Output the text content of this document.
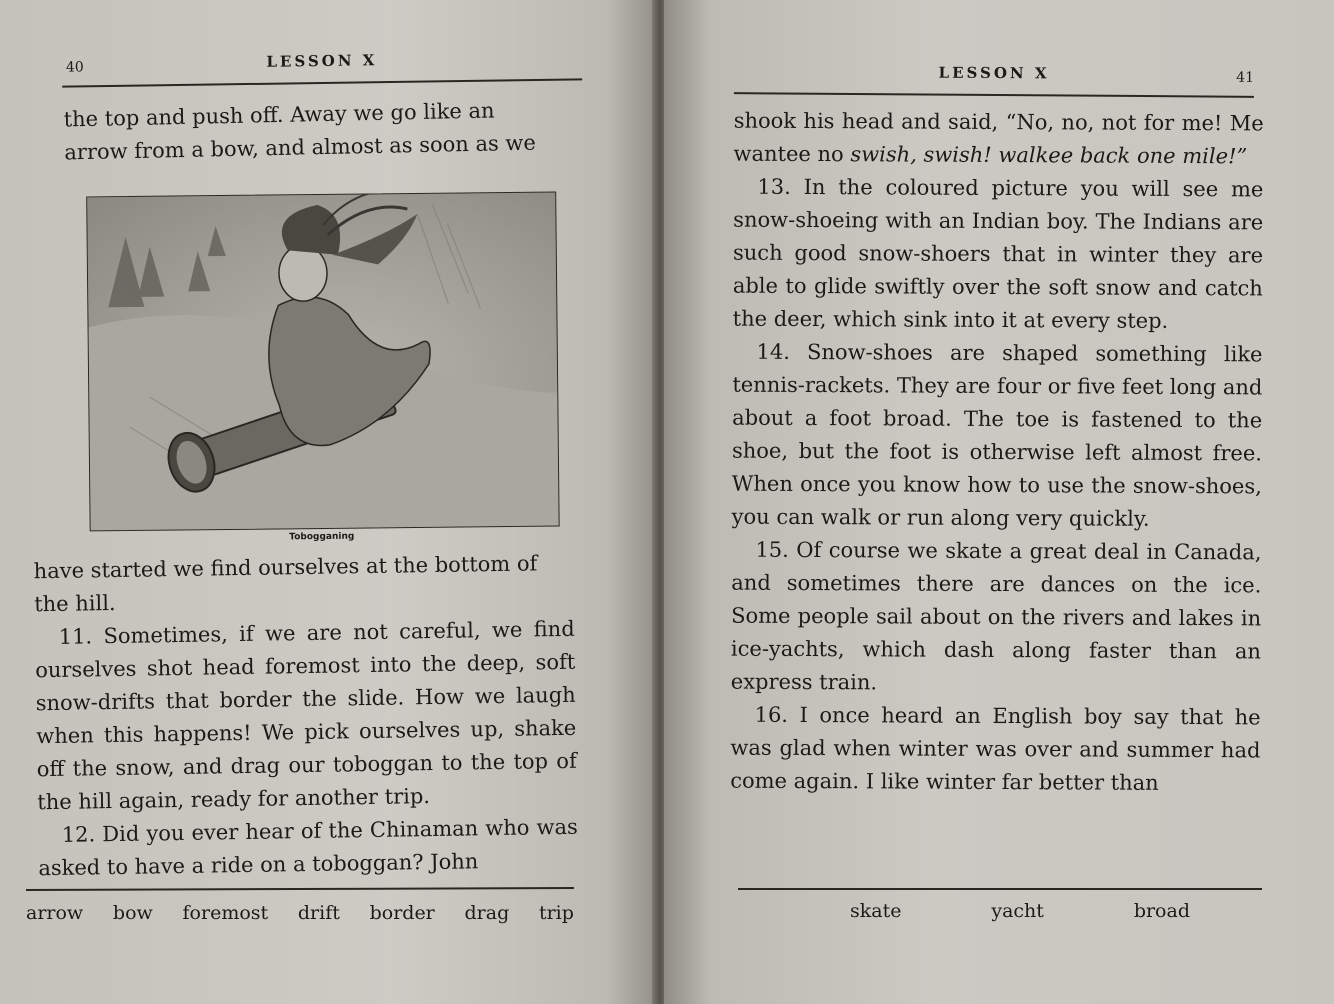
40	LESSON X

the top and push off. Away we go like an

arrow from a bow, and almost as soon as we

Tobogganing

have started we find ourselves at the bottom of

the hill.

11. Sometimes, if we are not careful, we find ourselves shot head foremost into the deep, soft snow-drifts that border the slide. How we laugh when this happens! We pick ourselves up, shake off the snow, and drag our toboggan to the top of the hill again, ready for another trip.

12. Did you ever hear of the Chinaman who was asked to have a ride on a toboggan? John

arrow bow foremost drift border drag trip
LESSON X	41

shook his head and said, “No, no, not for me! Me wantee no swish, swish! walkee back one mile!”

13. In the coloured picture you will see me snow-shoeing with an Indian boy. The Indians are such good snow-shoers that in winter they are able to glide swiftly over the soft snow and catch the deer, which sink into it at every step.

14. Snow-shoes are shaped something like tennis-rackets. They are four or five feet long and about a foot broad. The toe is fastened to the shoe, but the foot is otherwise left almost free. When once you know how to use the snow-shoes, you can walk or run along very quickly.

15. Of course we skate a great deal in Canada, and sometimes there are dances on the ice. Some people sail about on the rivers and lakes in ice-yachts, which dash along faster than an express train.

16. I once heard an English boy say that he was glad when winter was over and summer had come again. I like winter far better than

skate	yacht	broad
